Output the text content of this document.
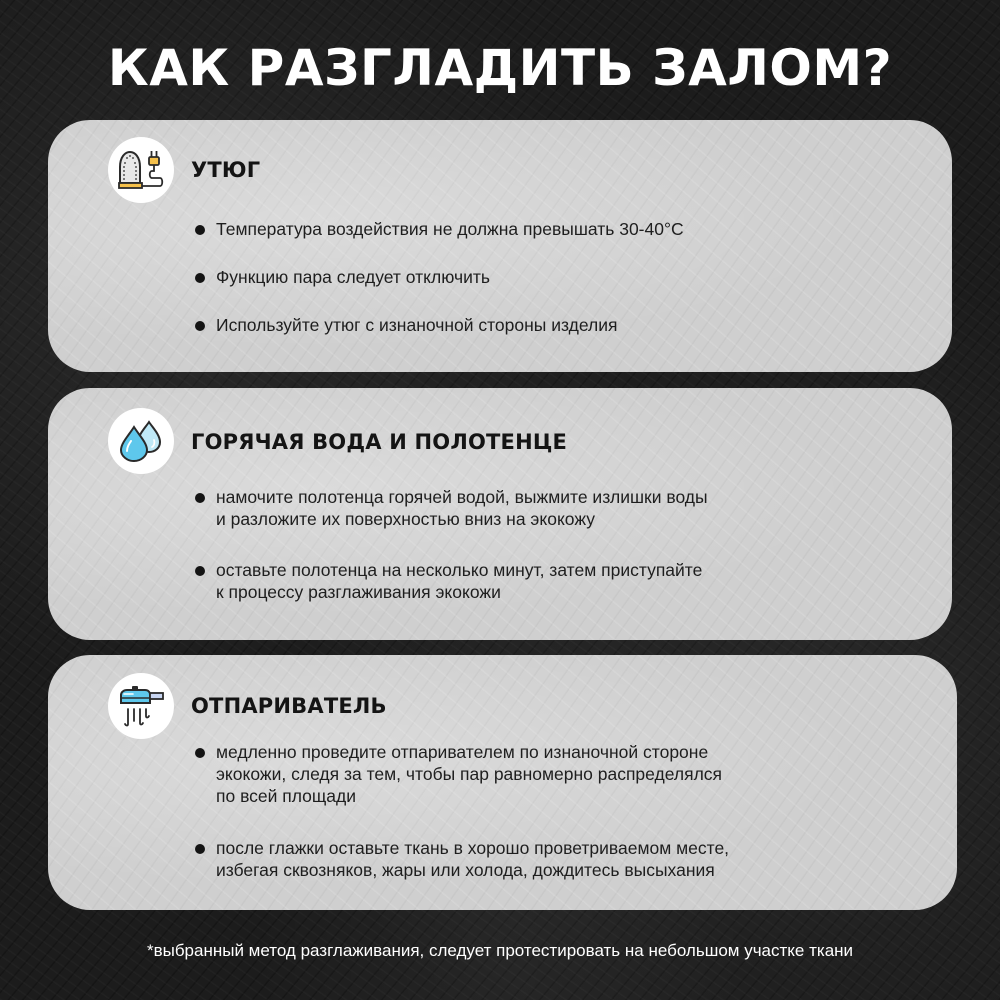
КАК РАЗГЛАДИТЬ ЗАЛОМ?
УТЮГ
Температура воздействия не должна превышать 30-40°C
Функцию пара следует отключить
Используйте утюг с изнаночной стороны изделия
ГОРЯЧАЯ ВОДА И ПОЛОТЕНЦЕ
намочите полотенца горячей водой, выжмите излишки воды
и разложите их поверхностью вниз на экокожу
оставьте полотенца на несколько минут, затем приступайте
к процессу разглаживания экокожи
ОТПАРИВАТЕЛЬ
медленно проведите отпаривателем по изнаночной стороне
экокожи, следя за тем, чтобы пар равномерно распределялся
по всей площади
после глажки оставьте ткань в хорошо проветриваемом месте,
избегая сквозняков, жары или холода, дождитесь высыхания

*выбранный метод разглаживания, следует протестировать на небольшом участке ткани
